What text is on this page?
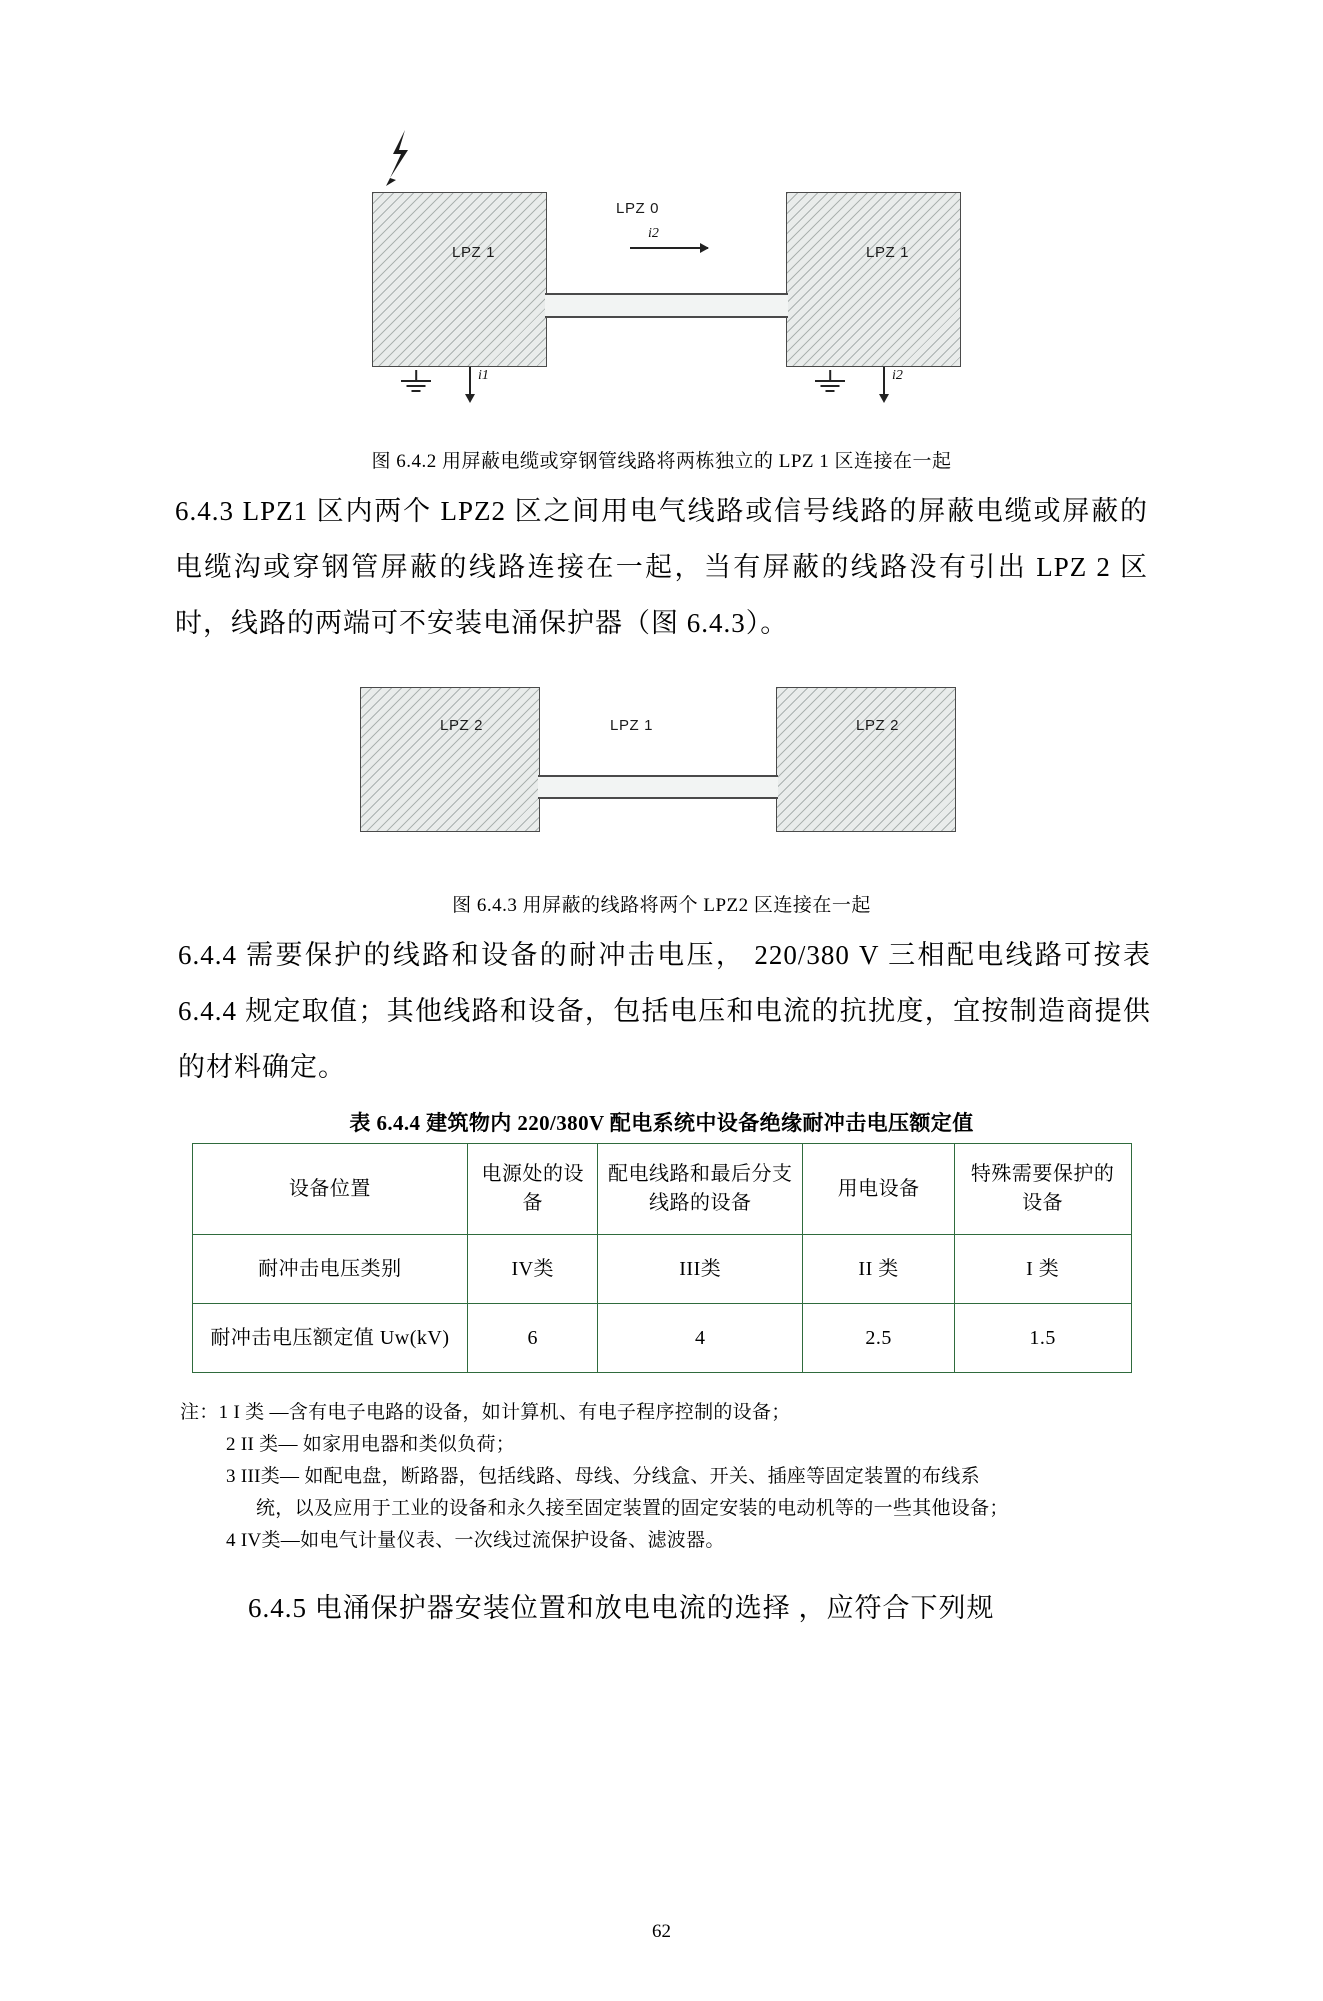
LPZ 1
LPZ 0
LPZ 1
i2
i1	i2
图 6.4.2 用屏蔽电缆或穿钢管线路将两栋独立的 LPZ 1 区连接在一起

6.4.3 LPZ1 区内两个 LPZ2 区之间用电气线路或信号线路的屏蔽电缆或屏蔽的电缆沟或穿钢管屏蔽的线路连接在一起，当有屏蔽的线路没有引出 LPZ 2 区时，线路的两端可不安装电涌保护器（图 6.4.3）。

LPZ 2	LPZ 1	LPZ 2
图 6.4.3 用屏蔽的线路将两个 LPZ2 区连接在一起

6.4.4 需要保护的线路和设备的耐冲击电压， 220/380 V 三相配电线路可按表 6.4.4 规定取值；其他线路和设备，包括电压和电流的抗扰度，宜按制造商提供的材料确定。

表 6.4.4 建筑物内 220/380V 配电系统中设备绝缘耐冲击电压额定值
设备位置	电源处的设备	配电线路和最后分支线路的设备	用电设备	特殊需要保护的设备
耐冲击电压类别	IV类	III类	II 类	I 类
耐冲击电压额定值 Uw(kV)	6	4	2.5	1.5
注：1 I 类 —含有电子电路的设备，如计算机、有电子程序控制的设备；
2 II 类— 如家用电器和类似负荷；
3 III类— 如配电盘，断路器，包括线路、母线、分线盒、开关、插座等固定装置的布线系
统，以及应用于工业的设备和永久接至固定装置的固定安装的电动机等的一些其他设备；
4 IV类—如电气计量仪表、一次线过流保护设备、滤波器。

6.4.5 电涌保护器安装位置和放电电流的选择 ，应符合下列规

62
